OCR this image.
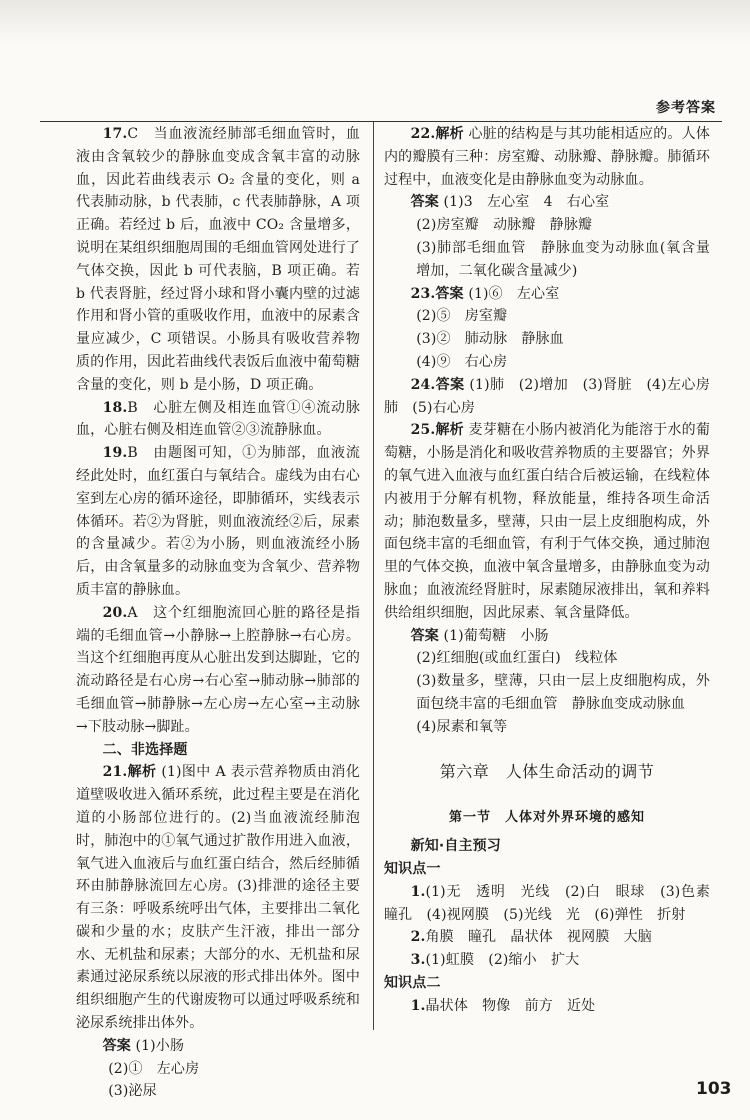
参考答案

17.C　当血液流经肺部毛细血管时，血液由含氧较少的静脉血变成含氧丰富的动脉血，因此若曲线表示 O₂ 含量的变化，则 a 代表肺动脉，b 代表肺，c 代表肺静脉，A 项正确。若经过 b 后，血液中 CO₂ 含量增多，说明在某组织细胞周围的毛细血管网处进行了气体交换，因此 b 可代表脑，B 项正确。若 b 代表肾脏，经过肾小球和肾小囊内壁的过滤作用和肾小管的重吸收作用，血液中的尿素含量应减少，C 项错误。小肠具有吸收营养物质的作用，因此若曲线代表饭后血液中葡萄糖含量的变化，则 b 是小肠，D 项正确。

18.B　心脏左侧及相连血管①④流动脉血，心脏右侧及相连血管②③流静脉血。

19.B　由题图可知，①为肺部，血液流经此处时，血红蛋白与氧结合。虚线为由右心室到左心房的循环途径，即肺循环，实线表示体循环。若②为肾脏，则血液流经②后，尿素的含量减少。若②为小肠，则血液流经小肠后，由含氧量多的动脉血变为含氧少、营养物质丰富的静脉血。

20.A　这个红细胞流回心脏的路径是指端的毛细血管→小静脉→上腔静脉→右心房。当这个红细胞再度从心脏出发到达脚趾，它的流动路径是右心房→右心室→肺动脉→肺部的毛细血管→肺静脉→左心房→左心室→主动脉→下肢动脉→脚趾。

二、非选择题

21.解析 (1)图中 A 表示营养物质由消化道壁吸收进入循环系统，此过程主要是在消化道的小肠部位进行的。(2)当血液流经肺泡时，肺泡中的①氧气通过扩散作用进入血液，氧气进入血液后与血红蛋白结合，然后经肺循环由肺静脉流回左心房。(3)排泄的途径主要有三条：呼吸系统呼出气体，主要排出二氧化碳和少量的水；皮肤产生汗液，排出一部分水、无机盐和尿素；大部分的水、无机盐和尿素通过泌尿系统以尿液的形式排出体外。图中组织细胞产生的代谢废物可以通过呼吸系统和泌尿系统排出体外。

答案 (1)小肠

(2)①　左心房

(3)泌尿

22.解析 心脏的结构是与其功能相适应的。人体内的瓣膜有三种：房室瓣、动脉瓣、静脉瓣。肺循环过程中，血液变化是由静脉血变为动脉血。

答案 (1)3　左心室　4　右心室

(2)房室瓣　动脉瓣　静脉瓣

(3)肺部毛细血管　静脉血变为动脉血(氧含量增加，二氧化碳含量减少)

23.答案 (1)⑥　左心室

(2)⑤　房室瓣

(3)②　肺动脉　静脉血

(4)⑨　右心房

24.答案 (1)肺　(2)增加　(3)肾脏　(4)左心房　肺　(5)右心房

25.解析 麦芽糖在小肠内被消化为能溶于水的葡萄糖，小肠是消化和吸收营养物质的主要器官；外界的氧气进入血液与血红蛋白结合后被运输，在线粒体内被用于分解有机物，释放能量，维持各项生命活动；肺泡数量多，壁薄，只由一层上皮细胞构成，外面包绕丰富的毛细血管，有利于气体交换，通过肺泡里的气体交换，血液中氧含量增多，由静脉血变为动脉血；血液流经肾脏时，尿素随尿液排出，氧和养料供给组织细胞，因此尿素、氧含量降低。

答案 (1)葡萄糖　小肠

(2)红细胞(或血红蛋白)　线粒体

(3)数量多，壁薄，只由一层上皮细胞构成，外面包绕丰富的毛细血管　静脉血变成动脉血

(4)尿素和氧等

第六章　人体生命活动的调节

第一节　人体对外界环境的感知

新知·自主预习

知识点一

1.(1)无　透明　光线　(2)白　眼球　(3)色素　瞳孔　(4)视网膜　(5)光线　光　(6)弹性　折射

2.角膜　瞳孔　晶状体　视网膜　大脑

3.(1)虹膜　(2)缩小　扩大

知识点二

1.晶状体　物像　前方　近处

103
